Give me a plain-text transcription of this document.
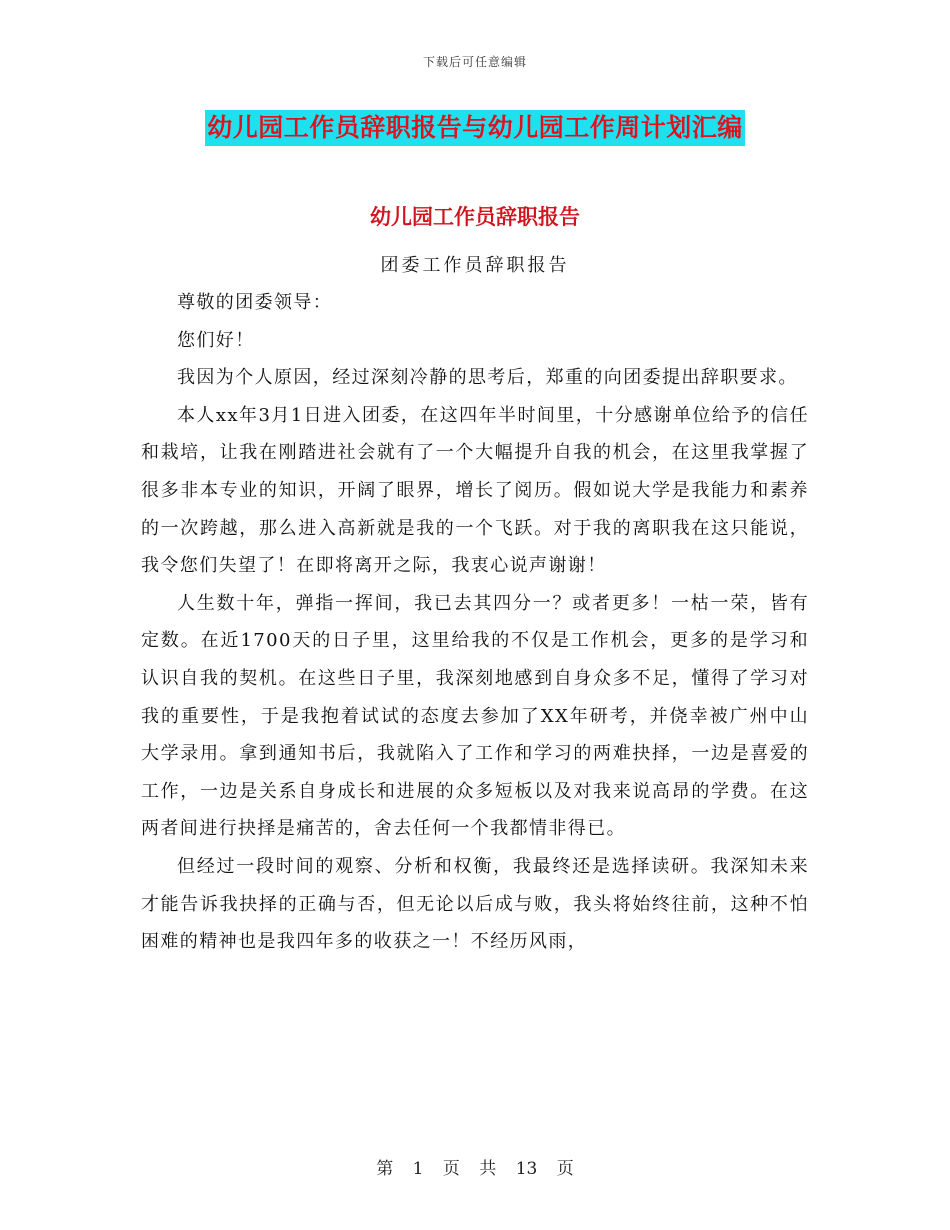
下载后可任意编辑
幼儿园工作员辞职报告与幼儿园工作周计划汇编
幼儿园工作员辞职报告
团委工作员辞职报告

尊敬的团委领导：

您们好！

我因为个人原因，经过深刻冷静的思考后，郑重的向团委提出辞职要求。

本人xx年3月1日进入团委，在这四年半时间里，十分感谢单位给予的信任和栽培，让我在刚踏进社会就有了一个大幅提升自我的机会，在这里我掌握了很多非本专业的知识，开阔了眼界，增长了阅历。假如说大学是我能力和素养的一次跨越，那么进入高新就是我的一个飞跃。对于我的离职我在这只能说，我令您们失望了！在即将离开之际，我衷心说声谢谢！

人生数十年，弹指一挥间，我已去其四分一？或者更多！一枯一荣，皆有定数。在近1700天的日子里，这里给我的不仅是工作机会，更多的是学习和认识自我的契机。在这些日子里，我深刻地感到自身众多不足，懂得了学习对我的重要性，于是我抱着试试的态度去参加了XX年研考，并侥幸被广州中山大学录用。拿到通知书后，我就陷入了工作和学习的两难抉择，一边是喜爱的工作，一边是关系自身成长和进展的众多短板以及对我来说高昂的学费。在这两者间进行抉择是痛苦的，舍去任何一个我都情非得已。

但经过一段时间的观察、分析和权衡，我最终还是选择读研。我深知未来才能告诉我抉择的正确与否，但无论以后成与败，我头将始终往前，这种不怕困难的精神也是我四年多的收获之一！不经历风雨，

第 1 页 共 13 页
